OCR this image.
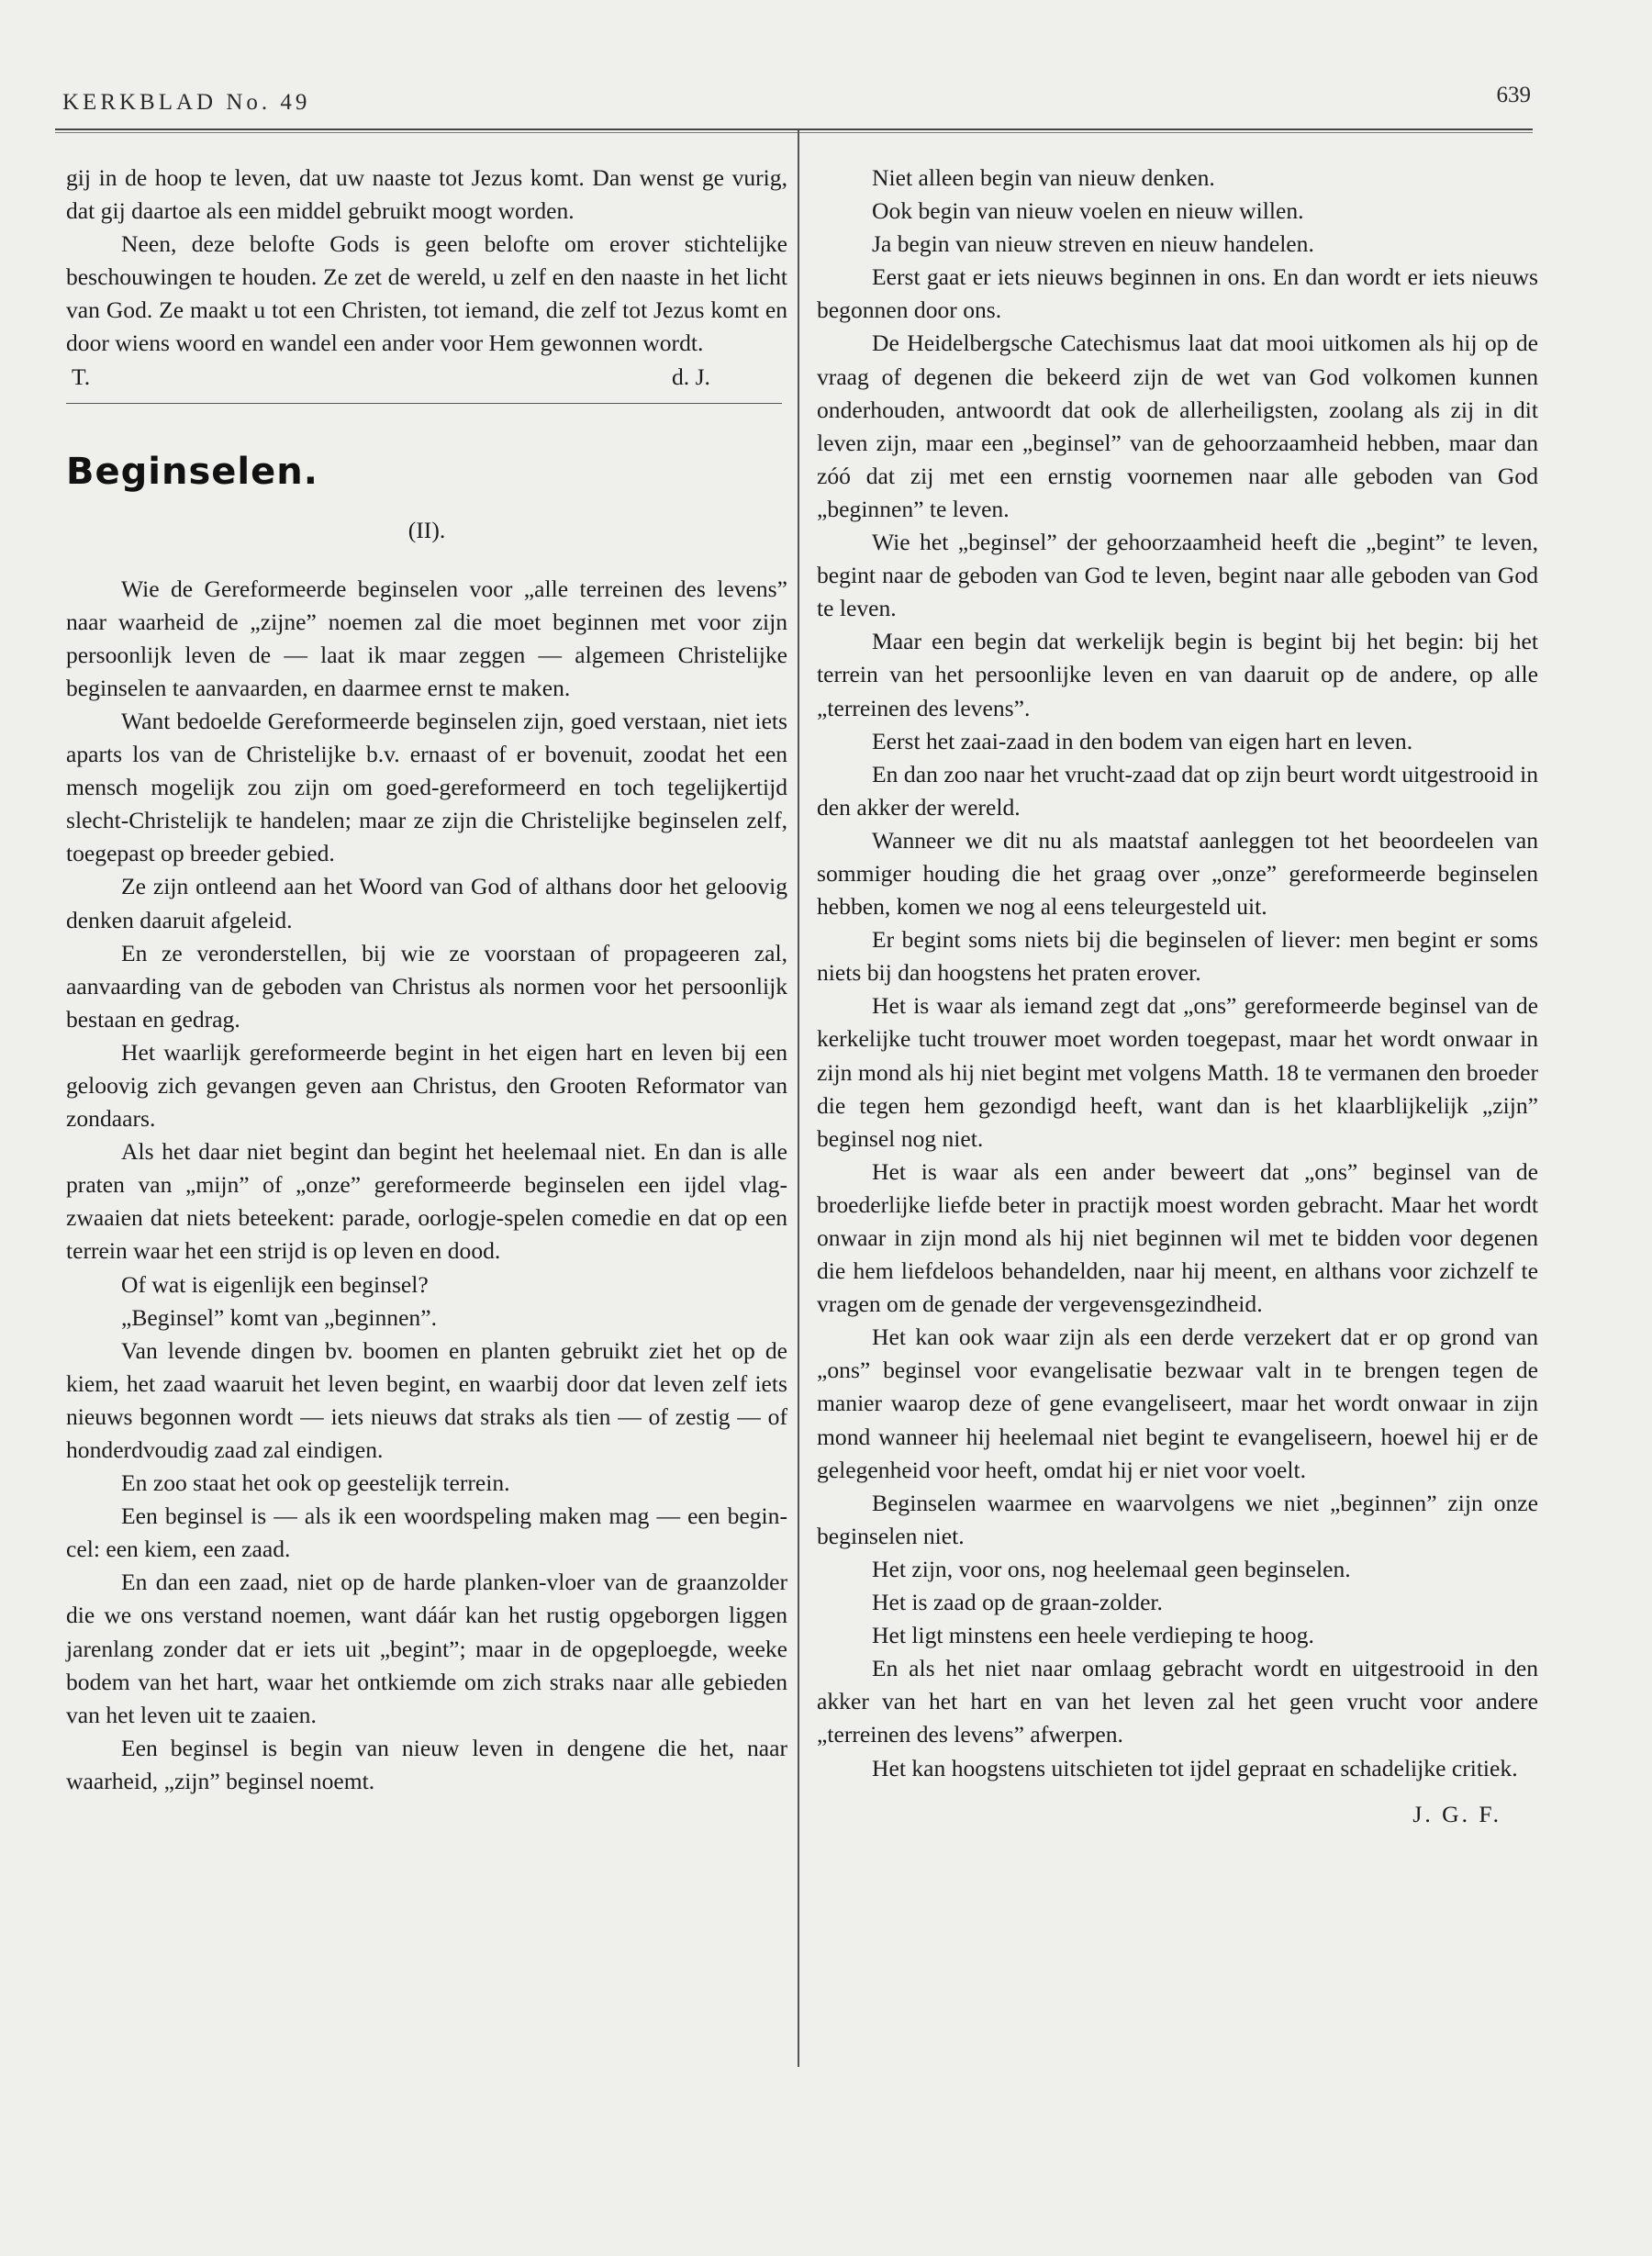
KERKBLAD No. 49	639

gij in de hoop te leven, dat uw naaste tot Jezus komt. Dan wenst ge vurig, dat gij daartoe als een middel gebruikt moogt worden.

Neen, deze belofte Gods is geen belofte om erover stichtelijke beschouwingen te houden. Ze zet de wereld, u zelf en den naaste in het licht van God. Ze maakt u tot een Christen, tot iemand, die zelf tot Jezus komt en door wiens woord en wandel een ander voor Hem gewonnen wordt.

T.	d. J.
Beginselen.
(II).

Wie de Gereformeerde beginselen voor „alle terreinen des levens” naar waarheid de „zijne” noemen zal die moet beginnen met voor zijn persoonlijk leven de — laat ik maar zeggen — algemeen Christelijke beginselen te aanvaarden, en daarmee ernst te maken.

Want bedoelde Gereformeerde beginselen zijn, goed verstaan, niet iets aparts los van de Christelijke b.v. ernaast of er bovenuit, zoodat het een mensch mogelijk zou zijn om goed-gereformeerd en toch tegelijkertijd slecht-Christelijk te handelen; maar ze zijn die Christelijke beginselen zelf, toegepast op breeder gebied.

Ze zijn ontleend aan het Woord van God of althans door het geloovig denken daaruit afgeleid.

En ze veronderstellen, bij wie ze voorstaan of propageeren zal, aanvaarding van de geboden van Christus als normen voor het persoonlijk bestaan en gedrag.

Het waarlijk gereformeerde begint in het eigen hart en leven bij een geloovig zich gevangen geven aan Christus, den Grooten Reformator van zondaars.

Als het daar niet begint dan begint het heelemaal niet. En dan is alle praten van „mijn” of „onze” gereformeerde beginselen een ijdel vlag-zwaaien dat niets beteekent: parade, oorlogje-spelen comedie en dat op een terrein waar het een strijd is op leven en dood.

Of wat is eigenlijk een beginsel?

„Beginsel” komt van „beginnen”.

Van levende dingen bv. boomen en planten gebruikt ziet het op de kiem, het zaad waaruit het leven begint, en waarbij door dat leven zelf iets nieuws begonnen wordt — iets nieuws dat straks als tien — of zestig — of honderdvoudig zaad zal eindigen.

En zoo staat het ook op geestelijk terrein.

Een beginsel is — als ik een woordspeling maken mag — een begin-cel: een kiem, een zaad.

En dan een zaad, niet op de harde planken-vloer van de graanzolder die we ons verstand noemen, want dáár kan het rustig opgeborgen liggen jarenlang zonder dat er iets uit „begint”; maar in de opgeploegde, weeke bodem van het hart, waar het ontkiemde om zich straks naar alle gebieden van het leven uit te zaaien.

Een beginsel is begin van nieuw leven in dengene die het, naar waarheid, „zijn” beginsel noemt.

Niet alleen begin van nieuw denken.

Ook begin van nieuw voelen en nieuw willen.

Ja begin van nieuw streven en nieuw handelen.

Eerst gaat er iets nieuws beginnen in ons. En dan wordt er iets nieuws begonnen door ons.

De Heidelbergsche Catechismus laat dat mooi uitkomen als hij op de vraag of degenen die bekeerd zijn de wet van God volkomen kunnen onderhouden, antwoordt dat ook de allerheiligsten, zoolang als zij in dit leven zijn, maar een „beginsel” van de gehoorzaamheid hebben, maar dan zóó dat zij met een ernstig voornemen naar alle geboden van God „beginnen” te leven.

Wie het „beginsel” der gehoorzaamheid heeft die „begint” te leven, begint naar de geboden van God te leven, begint naar alle geboden van God te leven.

Maar een begin dat werkelijk begin is begint bij het begin: bij het terrein van het persoonlijke leven en van daaruit op de andere, op alle „terreinen des levens”.

Eerst het zaai-zaad in den bodem van eigen hart en leven.

En dan zoo naar het vrucht-zaad dat op zijn beurt wordt uitgestrooid in den akker der wereld.

Wanneer we dit nu als maatstaf aanleggen tot het beoordeelen van sommiger houding die het graag over „onze” gereformeerde beginselen hebben, komen we nog al eens teleurgesteld uit.

Er begint soms niets bij die beginselen of liever: men begint er soms niets bij dan hoogstens het praten erover.

Het is waar als iemand zegt dat „ons” gereformeerde beginsel van de kerkelijke tucht trouwer moet worden toegepast, maar het wordt onwaar in zijn mond als hij niet begint met volgens Matth. 18 te vermanen den broeder die tegen hem gezondigd heeft, want dan is het klaarblijkelijk „zijn” beginsel nog niet.

Het is waar als een ander beweert dat „ons” beginsel van de broederlijke liefde beter in practijk moest worden gebracht. Maar het wordt onwaar in zijn mond als hij niet beginnen wil met te bidden voor degenen die hem liefdeloos behandelden, naar hij meent, en althans voor zichzelf te vragen om de genade der vergevensgezindheid.

Het kan ook waar zijn als een derde verzekert dat er op grond van „ons” beginsel voor evangelisatie bezwaar valt in te brengen tegen de manier waarop deze of gene evangeliseert, maar het wordt onwaar in zijn mond wanneer hij heelemaal niet begint te evangeliseern, hoewel hij er de gelegenheid voor heeft, omdat hij er niet voor voelt.

Beginselen waarmee en waarvolgens we niet „beginnen” zijn onze beginselen niet.

Het zijn, voor ons, nog heelemaal geen beginselen.

Het is zaad op de graan-zolder.

Het ligt minstens een heele verdieping te hoog.

En als het niet naar omlaag gebracht wordt en uitgestrooid in den akker van het hart en van het leven zal het geen vrucht voor andere „terreinen des levens” afwerpen.

Het kan hoogstens uitschieten tot ijdel gepraat en schadelijke critiek.

J. G. F.
